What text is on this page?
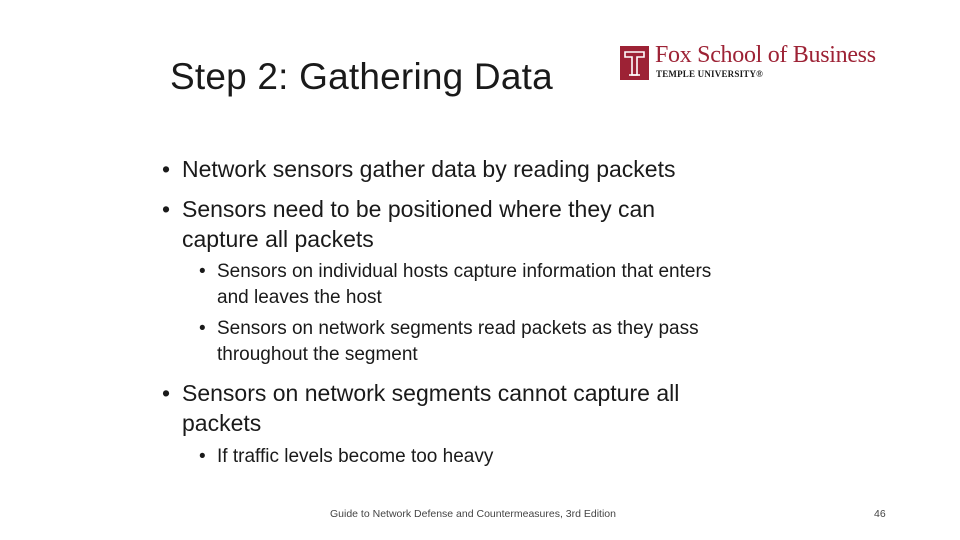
Step 2: Gathering Data
Fox School of Business
TEMPLE UNIVERSITY®
• Network sensors gather data by reading packets
• Sensors need to be positioned where they can
capture all packets
• Sensors on individual hosts capture information that enters
and leaves the host
• Sensors on network segments read packets as they pass
throughout the segment
• Sensors on network segments cannot capture all
packets
• If traffic levels become too heavy
Guide to Network Defense and Countermeasures, 3rd Edition	46
